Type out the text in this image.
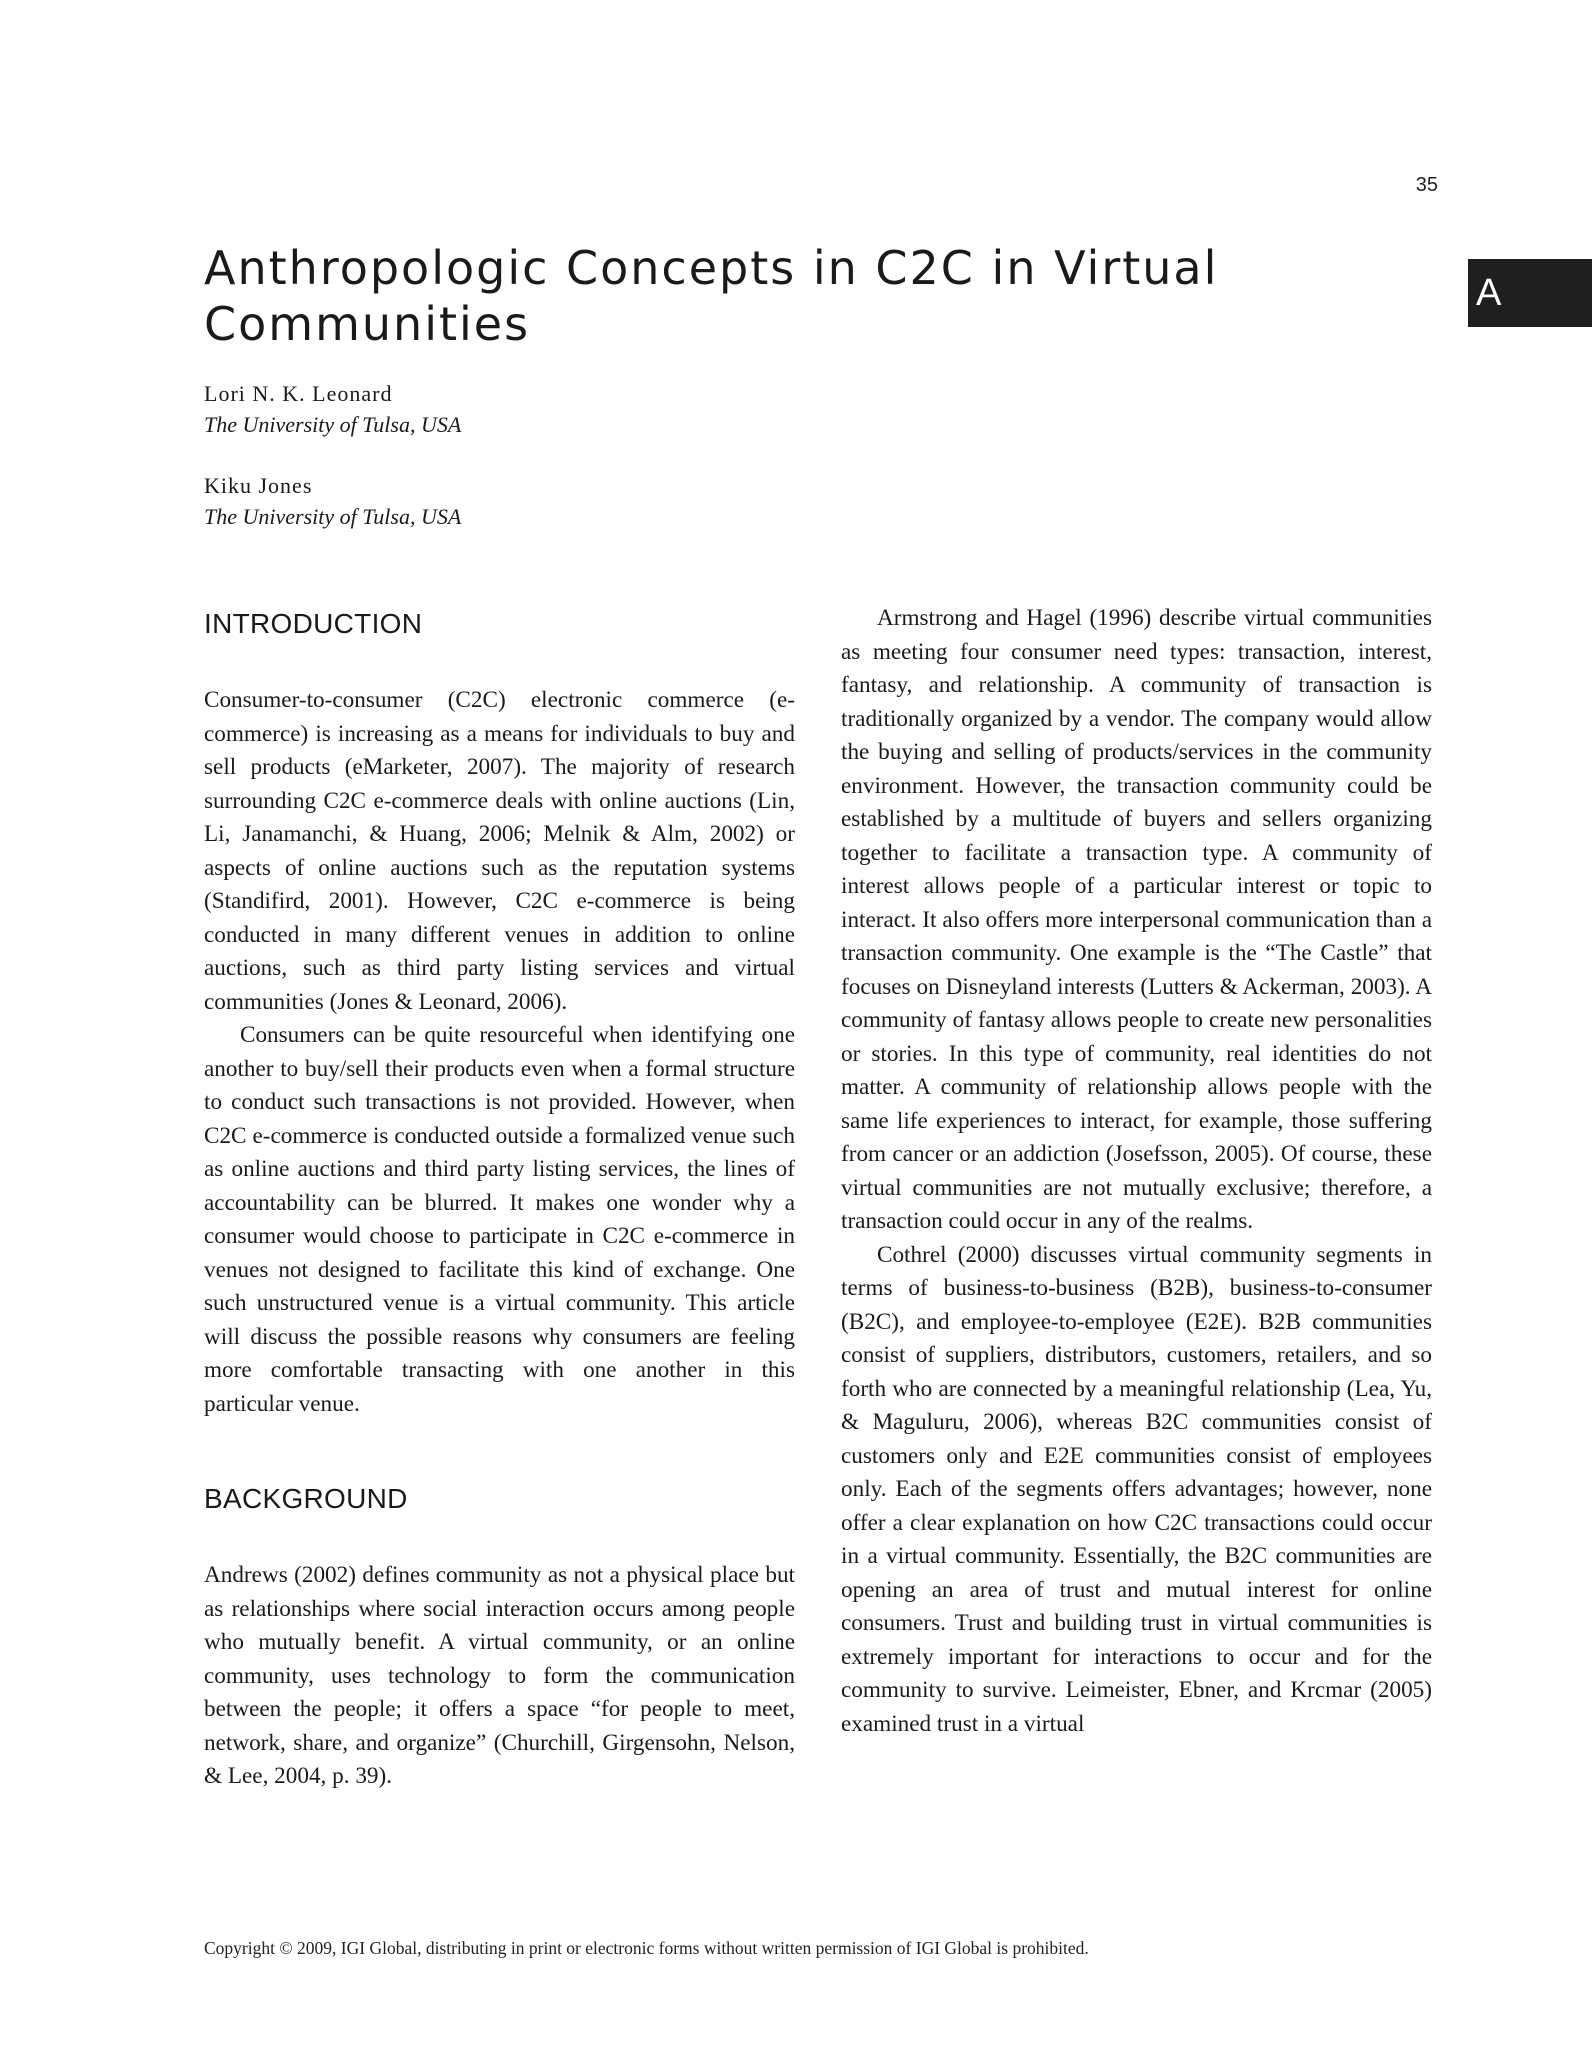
35
A
Anthropologic Concepts in C2C in Virtual Communities
Lori N. K. Leonard
The University of Tulsa, USA
Kiku Jones
The University of Tulsa, USA
INTRODUCTION

Consumer-to-consumer (C2C) electronic commerce (e-commerce) is increasing as a means for individuals to buy and sell products (eMarketer, 2007). The majority of research surrounding C2C e-commerce deals with online auctions (Lin, Li, Janamanchi, & Huang, 2006; Melnik & Alm, 2002) or aspects of online auctions such as the reputation systems (Standifird, 2001). However, C2C e-commerce is being conducted in many different venues in addition to online auctions, such as third party listing services and virtual communities (Jones & Leonard, 2006).

Consumers can be quite resourceful when identifying one another to buy/sell their products even when a formal structure to conduct such transactions is not provided. However, when C2C e-commerce is conducted outside a formalized venue such as online auctions and third party listing services, the lines of accountability can be blurred. It makes one wonder why a consumer would choose to participate in C2C e-commerce in venues not designed to facilitate this kind of exchange. One such unstructured venue is a virtual community. This article will discuss the possible reasons why consumers are feeling more comfortable transacting with one another in this particular venue.

BACKGROUND

Andrews (2002) defines community as not a physical place but as relationships where social interaction occurs among people who mutually benefit. A virtual community, or an online community, uses technology to form the communication between the people; it offers a space “for people to meet, network, share, and organize” (Churchill, Girgensohn, Nelson, & Lee, 2004, p. 39).

Armstrong and Hagel (1996) describe virtual communities as meeting four consumer need types: transaction, interest, fantasy, and relationship. A community of transaction is traditionally organized by a vendor. The company would allow the buying and selling of products/services in the community environment. However, the transaction community could be established by a multitude of buyers and sellers organizing together to facilitate a transaction type. A community of interest allows people of a particular interest or topic to interact. It also offers more interpersonal communication than a transaction community. One example is the “The Castle” that focuses on Disneyland interests (Lutters & Ackerman, 2003). A community of fantasy allows people to create new personalities or stories. In this type of community, real identities do not matter. A community of relationship allows people with the same life experiences to interact, for example, those suffering from cancer or an addiction (Josefsson, 2005). Of course, these virtual communities are not mutually exclusive; therefore, a transaction could occur in any of the realms.

Cothrel (2000) discusses virtual community segments in terms of business-to-business (B2B), business-to-consumer (B2C), and employee-to-employee (E2E). B2B communities consist of suppliers, distributors, customers, retailers, and so forth who are connected by a meaningful relationship (Lea, Yu, & Maguluru, 2006), whereas B2C communities consist of customers only and E2E communities consist of employees only. Each of the segments offers advantages; however, none offer a clear explanation on how C2C transactions could occur in a virtual community. Essentially, the B2C communities are opening an area of trust and mutual interest for online consumers. Trust and building trust in virtual communities is extremely important for interactions to occur and for the community to survive. Leimeister, Ebner, and Krcmar (2005) examined trust in a virtual

Copyright © 2009, IGI Global, distributing in print or electronic forms without written permission of IGI Global is prohibited.
